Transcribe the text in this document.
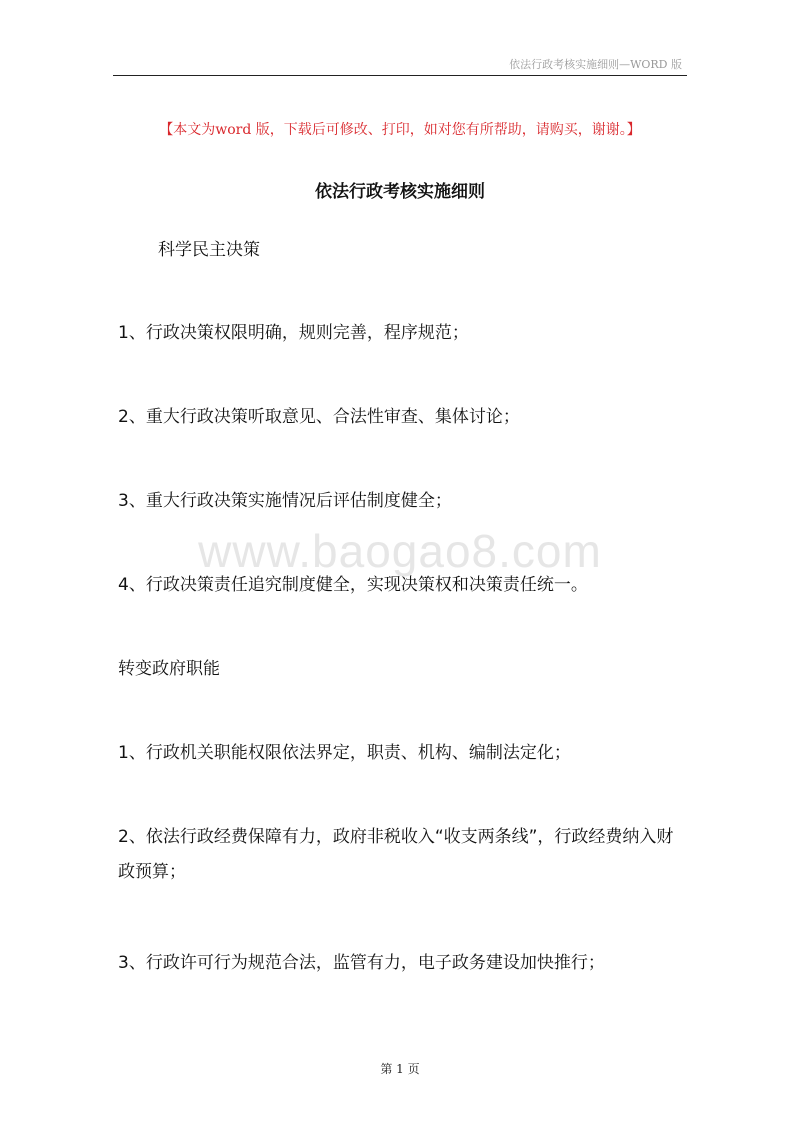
依法行政考核实施细则—WORD 版
【本文为word 版，下载后可修改、打印，如对您有所帮助，请购买，谢谢。】
依法行政考核实施细则
科学民主决策
1、行政决策权限明确，规则完善，程序规范；
2、重大行政决策听取意见、合法性审查、集体讨论；
3、重大行政决策实施情况后评估制度健全；
www.baogao8.com
4、行政决策责任追究制度健全，实现决策权和决策责任统一。
转变政府职能
1、行政机关职能权限依法界定，职责、机构、编制法定化；
2、依法行政经费保障有力，政府非税收入“收支两条线”，行政经费纳入财政预算；
3、行政许可行为规范合法，监管有力，电子政务建设加快推行；
第 1 页
